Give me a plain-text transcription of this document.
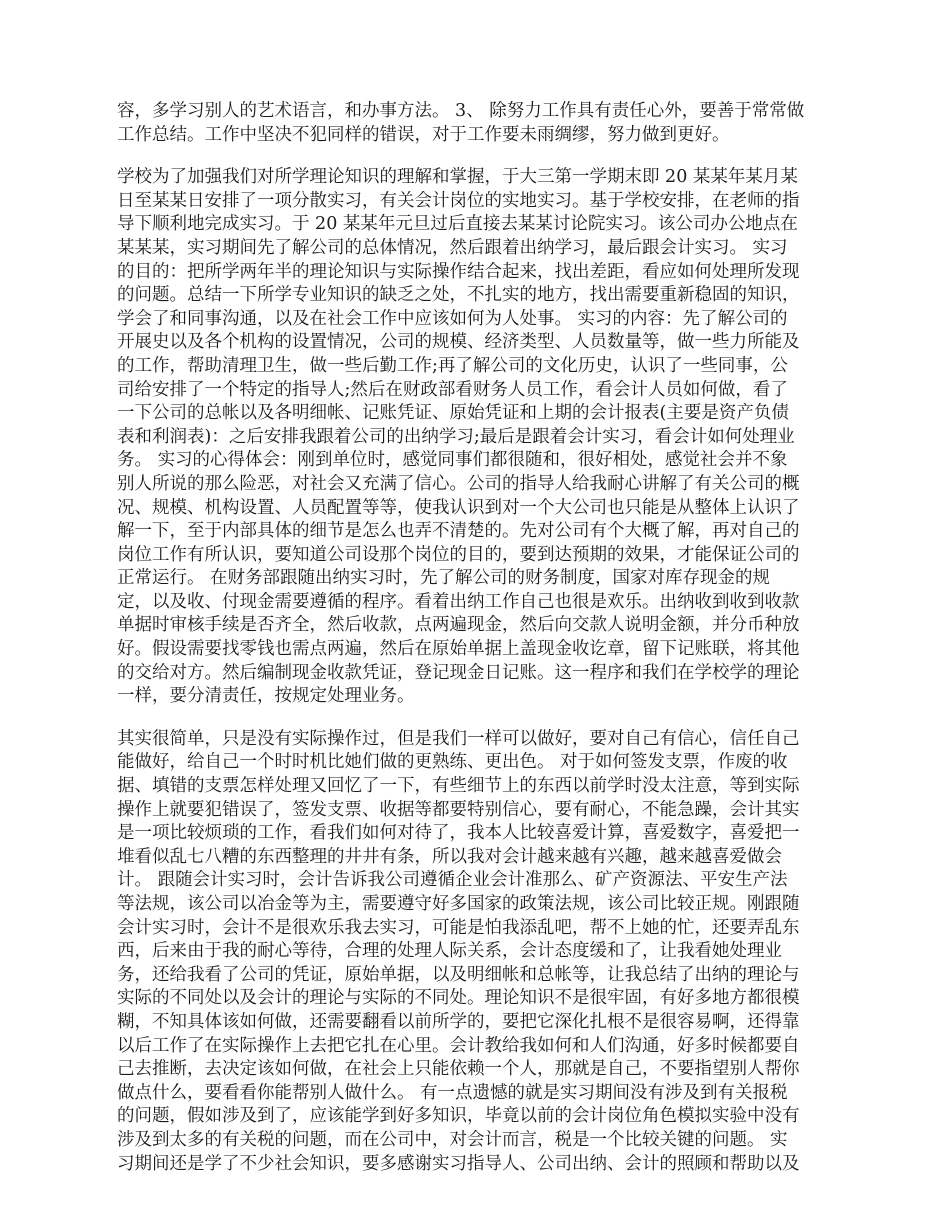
容，多学习别人的艺术语言，和办事方法。 3、 除努力工作具有责任心外，要善于常常做
工作总结。工作中坚决不犯同样的错误，对于工作要未雨绸缪，努力做到更好。

学校为了加强我们对所学理论知识的理解和掌握，于大三第一学期末即 20 某某年某月某
日至某某日安排了一项分散实习，有关会计岗位的实地实习。基于学校安排，在老师的指
导下顺利地完成实习。于 20 某某年元旦过后直接去某某讨论院实习。该公司办公地点在
某某某，实习期间先了解公司的总体情况，然后跟着出纳学习，最后跟会计实习。 实习
的目的：把所学两年半的理论知识与实际操作结合起来，找出差距，看应如何处理所发现
的问题。总结一下所学专业知识的缺乏之处，不扎实的地方，找出需要重新稳固的知识，
学会了和同事沟通，以及在社会工作中应该如何为人处事。 实习的内容：先了解公司的
开展史以及各个机构的设置情况，公司的规模、经济类型、人员数量等，做一些力所能及
的工作，帮助清理卫生，做一些后勤工作;再了解公司的文化历史，认识了一些同事，公
司给安排了一个特定的指导人;然后在财政部看财务人员工作，看会计人员如何做，看了
一下公司的总帐以及各明细帐、记账凭证、原始凭证和上期的会计报表(主要是资产负债
表和利润表)：之后安排我跟着公司的出纳学习;最后是跟着会计实习，看会计如何处理业
务。 实习的心得体会：刚到单位时，感觉同事们都很随和，很好相处，感觉社会并不象
别人所说的那么险恶，对社会又充满了信心。公司的指导人给我耐心讲解了有关公司的概
况、规模、机构设置、人员配置等等，使我认识到对一个大公司也只能是从整体上认识了
解一下，至于内部具体的细节是怎么也弄不清楚的。先对公司有个大概了解，再对自己的
岗位工作有所认识，要知道公司设那个岗位的目的，要到达预期的效果，才能保证公司的
正常运行。 在财务部跟随出纳实习时，先了解公司的财务制度，国家对库存现金的规
定，以及收、付现金需要遵循的程序。看着出纳工作自己也很是欢乐。出纳收到收到收款
单据时审核手续是否齐全，然后收款，点两遍现金，然后向交款人说明金额，并分币种放
好。假设需要找零钱也需点两遍，然后在原始单据上盖现金收讫章，留下记账联，将其他
的交给对方。然后编制现金收款凭证，登记现金日记账。这一程序和我们在学校学的理论
一样，要分清责任，按规定处理业务。

其实很简单，只是没有实际操作过，但是我们一样可以做好，要对自己有信心，信任自己
能做好，给自己一个时时机比她们做的更熟练、更出色。 对于如何签发支票，作废的收
据、填错的支票怎样处理又回忆了一下，有些细节上的东西以前学时没太注意，等到实际
操作上就要犯错误了，签发支票、收据等都要特别信心，要有耐心，不能急躁，会计其实
是一项比较烦琐的工作，看我们如何对待了，我本人比较喜爱计算，喜爱数字，喜爱把一
堆看似乱七八糟的东西整理的井井有条，所以我对会计越来越有兴趣，越来越喜爱做会
计。 跟随会计实习时，会计告诉我公司遵循企业会计准那么、矿产资源法、平安生产法
等法规，该公司以冶金等为主，需要遵守好多国家的政策法规，该公司比较正规。刚跟随
会计实习时，会计不是很欢乐我去实习，可能是怕我添乱吧，帮不上她的忙，还要弄乱东
西，后来由于我的耐心等待，合理的处理人际关系，会计态度缓和了，让我看她处理业
务，还给我看了公司的凭证，原始单据，以及明细帐和总帐等，让我总结了出纳的理论与
实际的不同处以及会计的理论与实际的不同处。理论知识不是很牢固，有好多地方都很模
糊，不知具体该如何做，还需要翻看以前所学的，要把它深化扎根不是很容易啊，还得靠
以后工作了在实际操作上去把它扎在心里。会计教给我如何和人们沟通，好多时候都要自
己去推断，去决定该如何做，在社会上只能依赖一个人，那就是自己，不要指望别人帮你
做点什么，要看看你能帮别人做什么。 有一点遗憾的就是实习期间没有涉及到有关报税
的问题，假如涉及到了，应该能学到好多知识，毕竟以前的会计岗位角色模拟实验中没有
涉及到太多的有关税的问题，而在公司中，对会计而言，税是一个比较关键的问题。 实
习期间还是学了不少社会知识，要多感谢实习指导人、公司出纳、会计的照顾和帮助以及
